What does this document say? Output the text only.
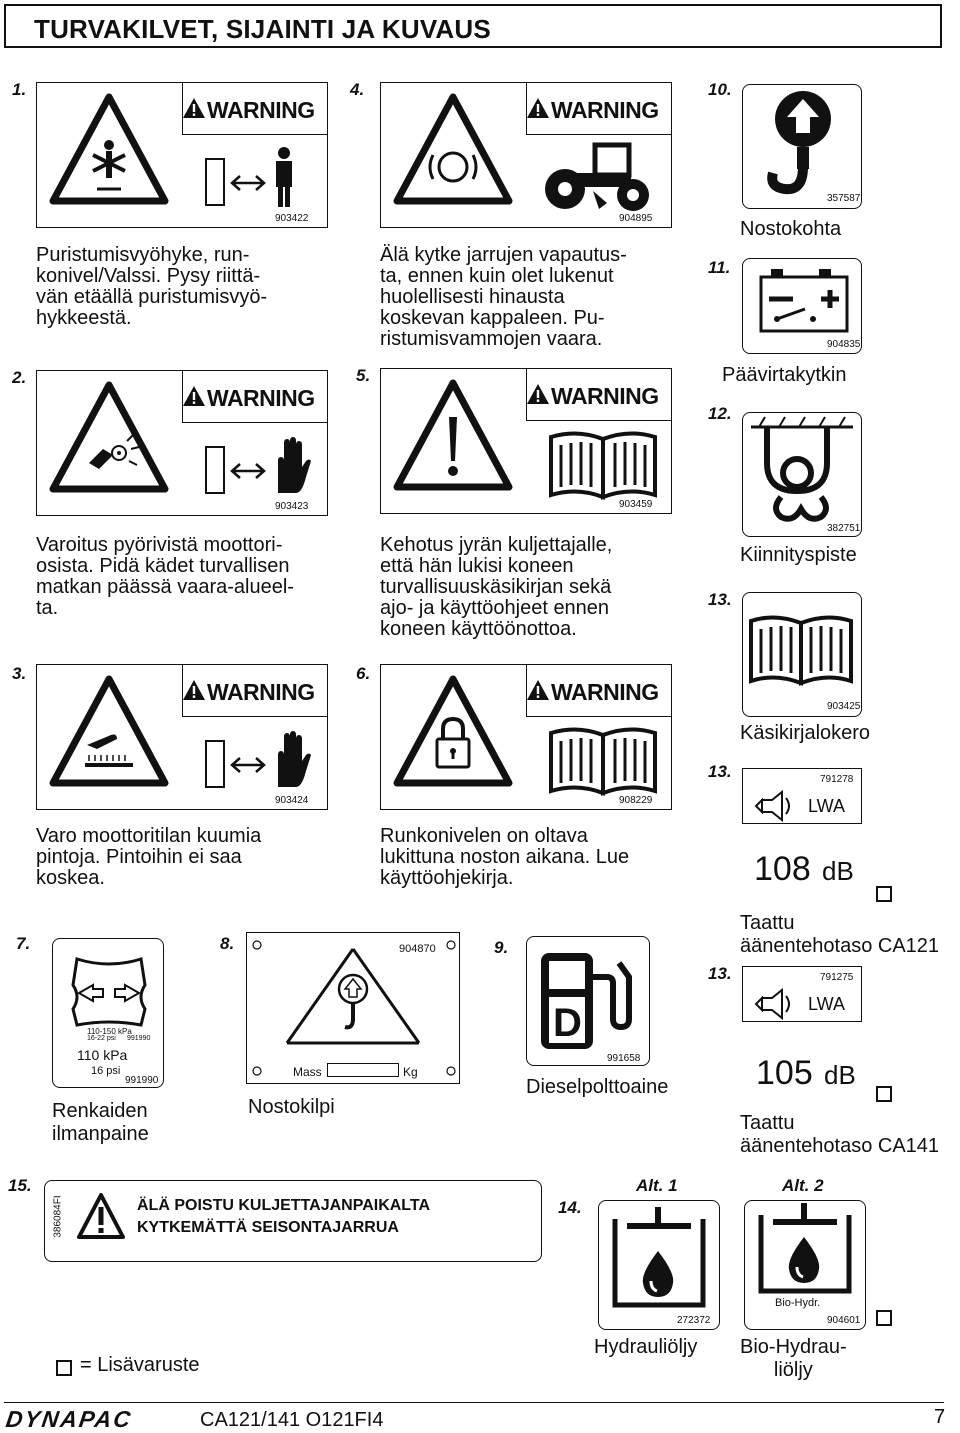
TURVAKILVET, SIJAINTI JA KUVAUS
1.
WARNING
903422
Puristumisvyöhyke, run-
konivel/Valssi. Pysy riittä-
vän etäällä puristumisvyö-
hykkeestä.
2.
WARNING
903423
Varoitus pyörivistä moottori-
osista. Pidä kädet turvallisen
matkan päässä vaara-alueel-
ta.
3.
WARNING
903424
Varo moottoritilan kuumia
pintoja. Pintoihin ei saa
koskea.
4.
WARNING
904895
Älä kytke jarrujen vapautus-
ta, ennen kuin olet lukenut
huolellisesti hinausta
koskevan kappaleen. Pu-
ristumisvammojen vaara.
5.
WARNING
903459
Kehotus jyrän kuljettajalle,
että hän lukisi koneen
turvallisuuskäsikirjan sekä
ajo- ja käyttöohjeet ennen
koneen käyttöönottoa.
6.
WARNING
908229
Runkonivelen on oltava
lukittuna noston aikana. Lue
käyttöohjekirja.
10.
357587
Nostokohta
11.
904835
Päävirtakytkin
12.
382751
Kiinnityspiste
13.
903425
Käsikirjalokero
13.	791278
LWA
108 dB
Taattu
äänentehotaso CA121
13.	791275
LWA
105 dB
Taattu
äänentehotaso CA141
7.
110-150 kPa
16-22 psi 991990
110 kPa
16 psi
991990
Renkaiden
ilmanpaine
8.	904870
Mass	Kg
Nostokilpi
9.
D
991658
Dieselpolttoaine
15.
386084FI	ÄLÄ POISTU KULJETTAJANPAIKALTA
KYTKEMÄTTÄ SEISONTAJARRUA
14.
Alt. 1	Alt. 2
272372
Bio-Hydr.
904601
Hydrauliöljy Bio-Hydrau-
liöljy
= Lisävaruste
DYNAPAC	CA121/141 O121FI4	7
